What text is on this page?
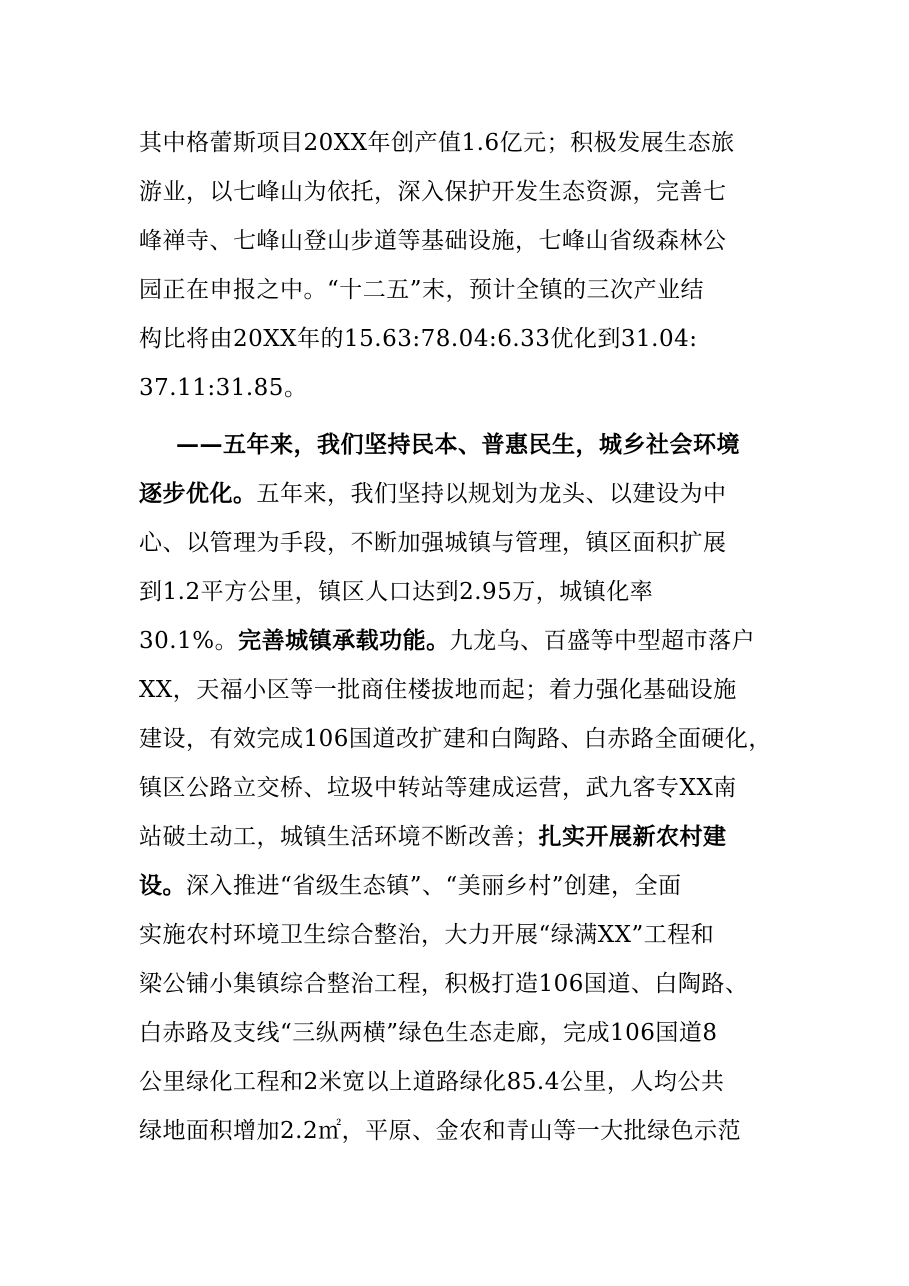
其中格蕾斯项目20XX年创产值1.6亿元；积极发展生态旅
游业，以七峰山为依托，深入保护开发生态资源，完善七
峰禅寺、七峰山登山步道等基础设施，七峰山省级森林公
园正在申报之中。“十二五”末，预计全镇的三次产业结
构比将由20XX年的15.63:78.04:6.33优化到31.04:
37.11:31.85。
——五年来，我们坚持民本、普惠民生，城乡社会环境
逐步优化。五年来，我们坚持以规划为龙头、以建设为中
心、以管理为手段，不断加强城镇与管理，镇区面积扩展
到1.2平方公里，镇区人口达到2.95万，城镇化率
30.1%。完善城镇承载功能。九龙乌、百盛等中型超市落户
XX，天福小区等一批商住楼拔地而起；着力强化基础设施
建设，有效完成106国道改扩建和白陶路、白赤路全面硬化，
镇区公路立交桥、垃圾中转站等建成运营，武九客专XX南
站破土动工，城镇生活环境不断改善；扎实开展新农村建
设。深入推进“省级生态镇”、“美丽乡村”创建，全面
实施农村环境卫生综合整治，大力开展“绿满XX”工程和
梁公铺小集镇综合整治工程，积极打造106国道、白陶路、
白赤路及支线“三纵两横”绿色生态走廊，完成106国道8
公里绿化工程和2米宽以上道路绿化85.4公里，人均公共
绿地面积增加2.2㎡，平原、金农和青山等一大批绿色示范
